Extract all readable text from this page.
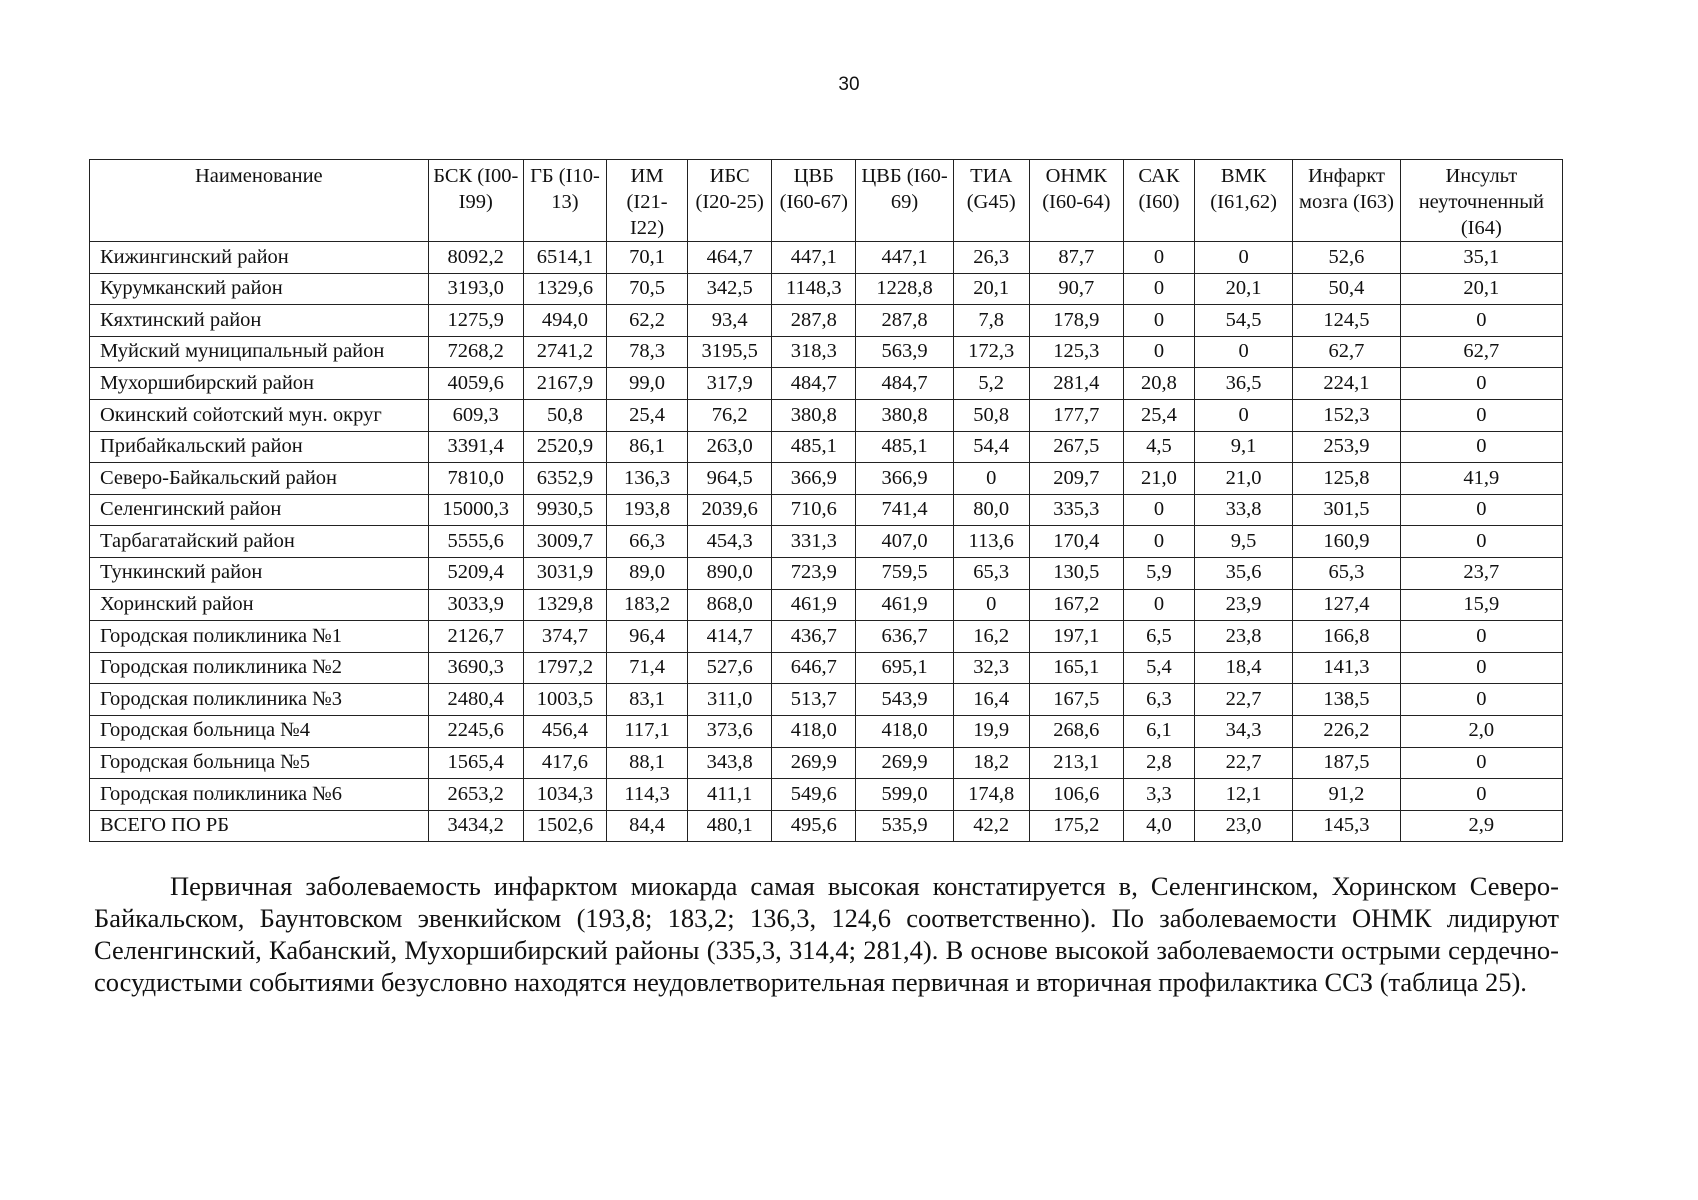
30
Наименование	БСК (I00-I99)	ГБ (I10-13)	ИМ (I21-I22)	ИБС (I20-25)	ЦВБ (I60-67)	ЦВБ (I60-69)	ТИА (G45)	ОНМК (I60-64)	САК (I60)	ВМК (I61,62)	Инфаркт мозга (I63)	Инсульт неуточненный (I64)
Кижингинский район	8092,2	6514,1	70,1	464,7	447,1	447,1	26,3	87,7	0	0	52,6	35,1
Курумканский район	3193,0	1329,6	70,5	342,5	1148,3	1228,8	20,1	90,7	0	20,1	50,4	20,1
Кяхтинский район	1275,9	494,0	62,2	93,4	287,8	287,8	7,8	178,9	0	54,5	124,5	0
Муйский муниципальный район	7268,2	2741,2	78,3	3195,5	318,3	563,9	172,3	125,3	0	0	62,7	62,7
Мухоршибирский район	4059,6	2167,9	99,0	317,9	484,7	484,7	5,2	281,4	20,8	36,5	224,1	0
Окинский сойотский мун. округ	609,3	50,8	25,4	76,2	380,8	380,8	50,8	177,7	25,4	0	152,3	0
Прибайкальский район	3391,4	2520,9	86,1	263,0	485,1	485,1	54,4	267,5	4,5	9,1	253,9	0
Северо-Байкальский район	7810,0	6352,9	136,3	964,5	366,9	366,9	0	209,7	21,0	21,0	125,8	41,9
Селенгинский район	15000,3	9930,5	193,8	2039,6	710,6	741,4	80,0	335,3	0	33,8	301,5	0
Тарбагатайский район	5555,6	3009,7	66,3	454,3	331,3	407,0	113,6	170,4	0	9,5	160,9	0
Тункинский район	5209,4	3031,9	89,0	890,0	723,9	759,5	65,3	130,5	5,9	35,6	65,3	23,7
Хоринский район	3033,9	1329,8	183,2	868,0	461,9	461,9	0	167,2	0	23,9	127,4	15,9
Городская поликлиника №1	2126,7	374,7	96,4	414,7	436,7	636,7	16,2	197,1	6,5	23,8	166,8	0
Городская поликлиника №2	3690,3	1797,2	71,4	527,6	646,7	695,1	32,3	165,1	5,4	18,4	141,3	0
Городская поликлиника №3	2480,4	1003,5	83,1	311,0	513,7	543,9	16,4	167,5	6,3	22,7	138,5	0
Городская больница №4	2245,6	456,4	117,1	373,6	418,0	418,0	19,9	268,6	6,1	34,3	226,2	2,0
Городская больница №5	1565,4	417,6	88,1	343,8	269,9	269,9	18,2	213,1	2,8	22,7	187,5	0
Городская поликлиника №6	2653,2	1034,3	114,3	411,1	549,6	599,0	174,8	106,6	3,3	12,1	91,2	0
ВСЕГО ПО РБ	3434,2	1502,6	84,4	480,1	495,6	535,9	42,2	175,2	4,0	23,0	145,3	2,9

Первичная заболеваемость инфарктом миокарда самая высокая констатируется в, Селенгинском, Хоринском Северо-Байкальском, Баунтовском эвенкийском (193,8; 183,2; 136,3, 124,6 соответственно). По заболеваемости ОНМК лидируют Селенгинский, Кабанский, Мухоршибирский районы (335,3, 314,4; 281,4). В основе высокой заболеваемости острыми сердечно-сосудистыми событиями безусловно находятся неудовлетворительная первичная и вторичная профилактика ССЗ (таблица 25).
